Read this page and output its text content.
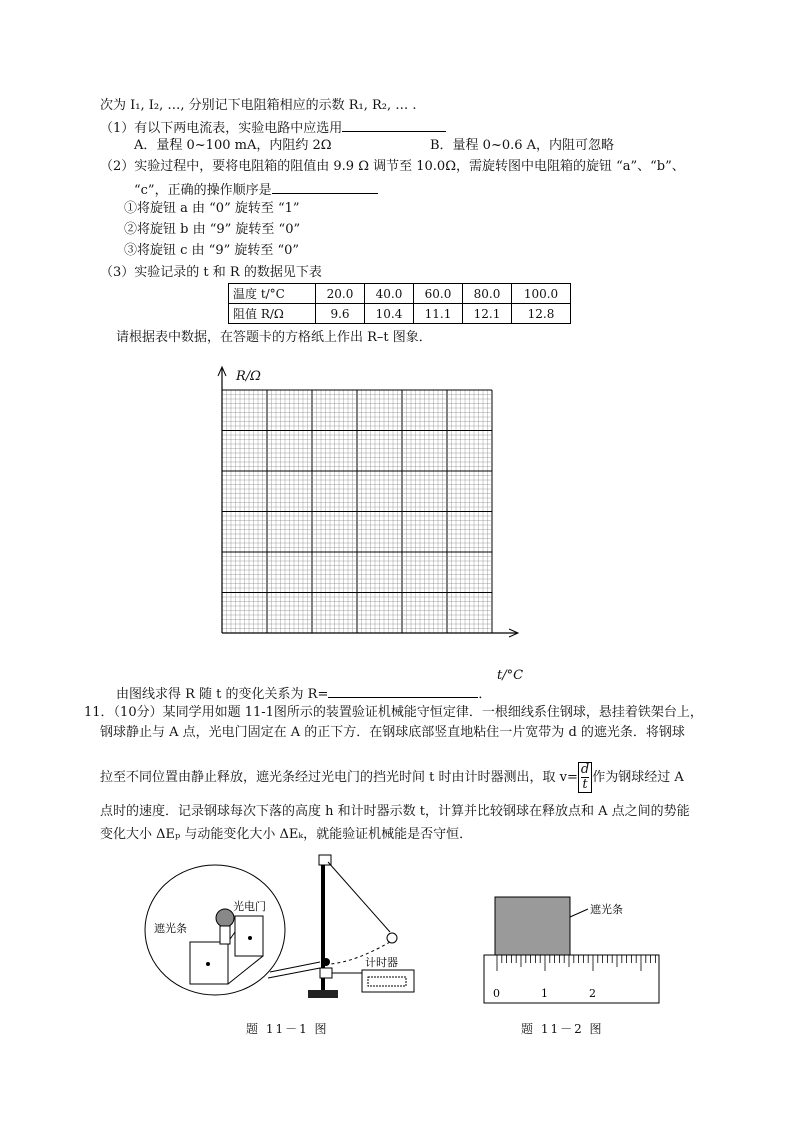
次为 I₁, I₂, …, 分别记下电阻箱相应的示数 R₁, R₂, … .
（1）有以下两电流表，实验电路中应选用
A．量程 0~100 mA，内阻约 2Ω	B．量程 0~0.6 A，内阻可忽略
（2）实验过程中，要将电阻箱的阻值由 9.9 Ω 调节至 10.0Ω，需旋转图中电阻箱的旋钮 “a”、“b”、
“c”，正确的操作顺序是
①将旋钮 a 由 “0” 旋转至 “1”
②将旋钮 b 由 “9” 旋转至 “0”
③将旋钮 c 由 “9” 旋转至 “0”
（3）实验记录的 t 和 R 的数据见下表
温度 t/°C	20.0	40.0	60.0	80.0	100.0
阻值 R/Ω	9.6	10.4	11.1	12.1	12.8
请根据表中数据，在答题卡的方格纸上作出 R–t 图象．
R/Ω
t/°C
由图线求得 R 随 t 的变化关系为 R=	．
11．（10分）某同学用如题 11-1图所示的装置验证机械能守恒定律．一根细线系住钢球，悬挂着铁架台上，
钢球静止与 A 点，光电门固定在 A 的正下方．在钢球底部竖直地粘住一片宽带为 d 的遮光条．将钢球
拉至不同位置由静止释放，遮光条经过光电门的挡光时间 t 时由计时器测出，取 $v= \frac{d}{t}$ 作为钢球经过 A
点时的速度．记录钢球每次下落的高度 h 和计时器示数 t，计算并比较钢球在释放点和 A 点之间的势能
变化大小 ΔEₚ 与动能变化大小 ΔEₖ，就能验证机械能是否守恒．
光电门
遮光条
计时器
题 11－1 图
遮光条
0	1	2
题 11－2 图
